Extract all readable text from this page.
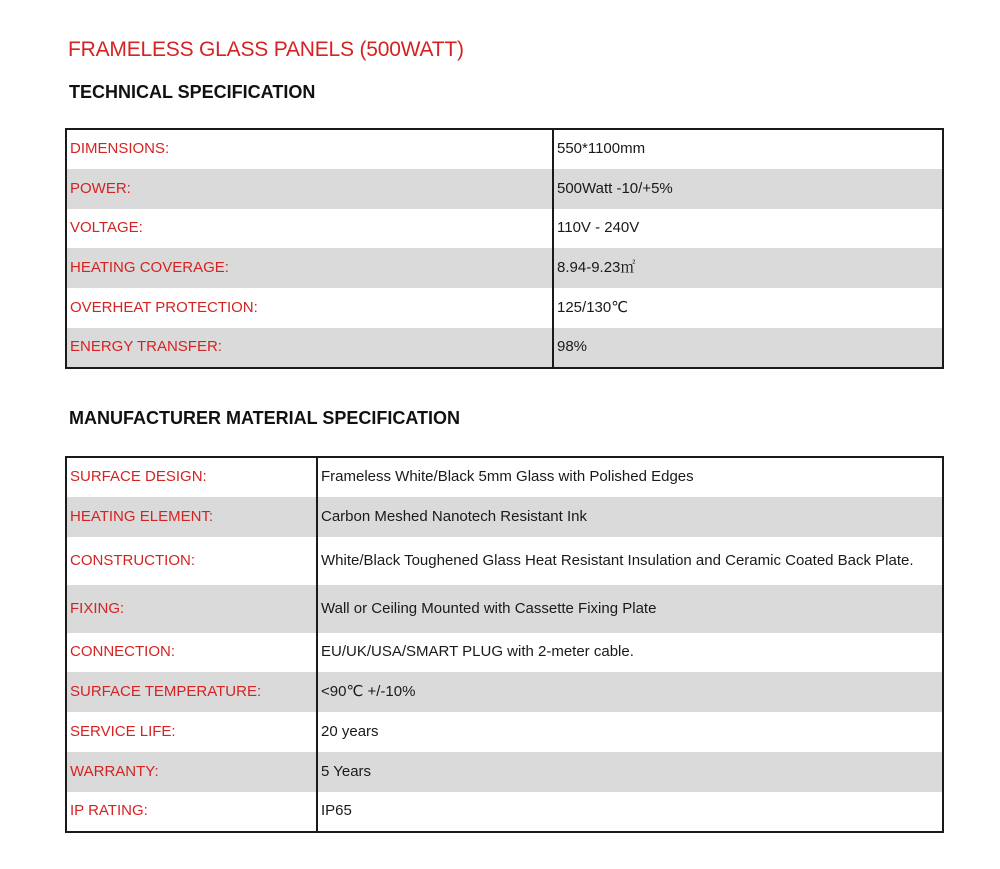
FRAMELESS GLASS PANELS (500WATT)
TECHNICAL SPECIFICATION
DIMENSIONS:	550*1100mm
POWER:	500Watt -10/+5%
VOLTAGE:	110V - 240V
HEATING COVERAGE:	8.94-9.23㎡
OVERHEAT PROTECTION:	125/130℃
ENERGY TRANSFER:	98%
MANUFACTURER MATERIAL SPECIFICATION
SURFACE DESIGN:	Frameless White/Black 5mm Glass with Polished Edges
HEATING ELEMENT:	Carbon Meshed Nanotech Resistant Ink
CONSTRUCTION:	White/Black Toughened Glass Heat Resistant Insulation and Ceramic Coated Back Plate.
FIXING:	Wall or Ceiling Mounted with Cassette Fixing Plate
CONNECTION:	EU/UK/USA/SMART PLUG with 2-meter cable.
SURFACE TEMPERATURE:	<90℃ +/-10%
SERVICE LIFE:	20 years
WARRANTY:	5 Years
IP RATING:	IP65
